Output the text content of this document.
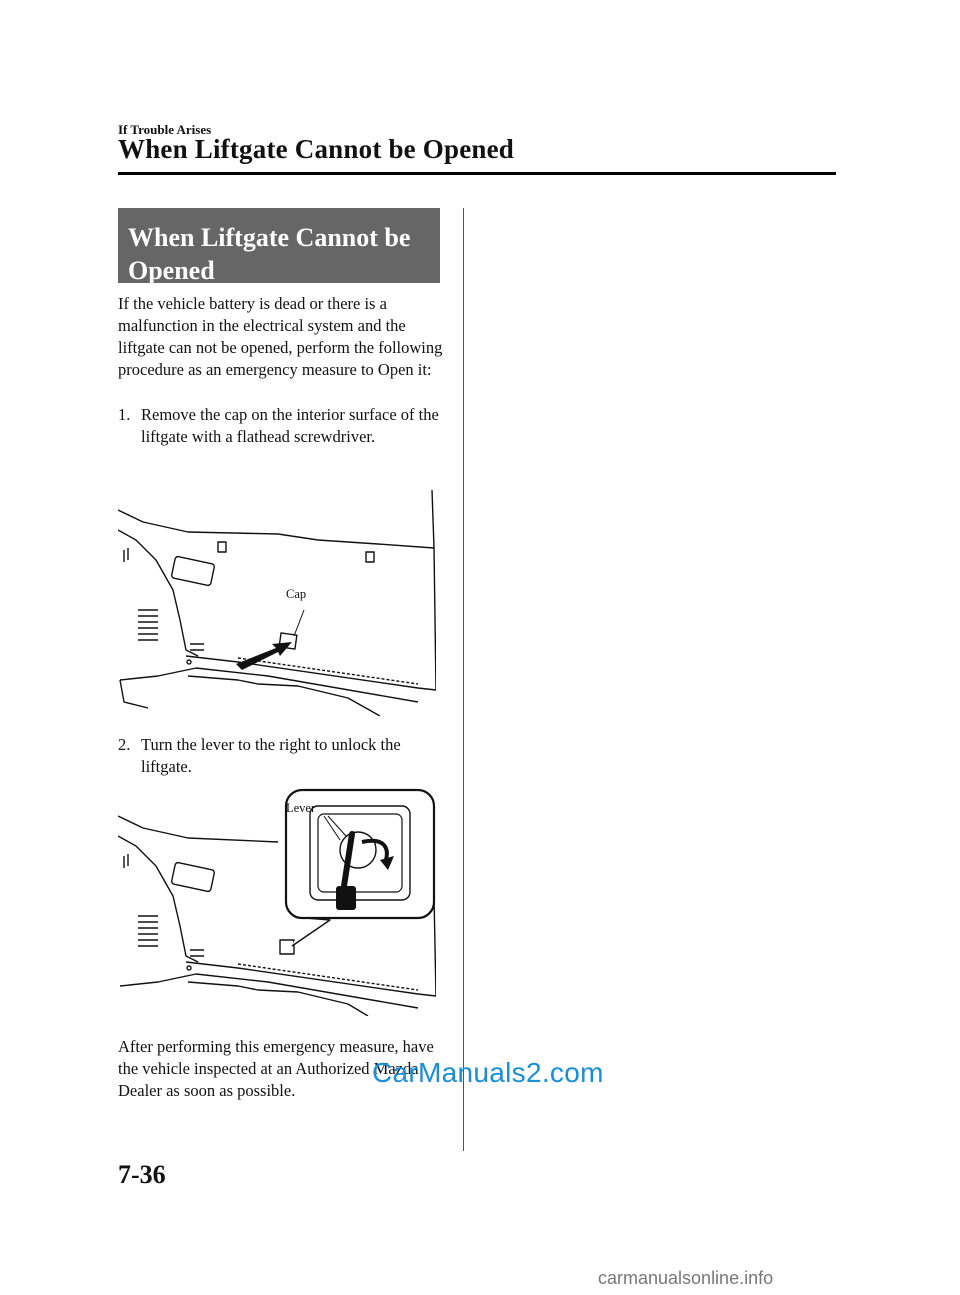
If Trouble Arises
When Liftgate Cannot be Opened
When Liftgate Cannot be
Opened
If the vehicle battery is dead or there is a malfunction in the electrical system and the liftgate can not be opened, perform the following procedure as an emergency measure to Open it:
1. Remove the cap on the interior surface of the liftgate with a flathead screwdriver.
Cap
2. Turn the lever to the right to unlock the liftgate.
Lever
After performing this emergency measure, have the vehicle inspected at an Authorized Mazda Dealer as soon as possible.
CarManuals2.com
7-36
carmanualsonline.info
